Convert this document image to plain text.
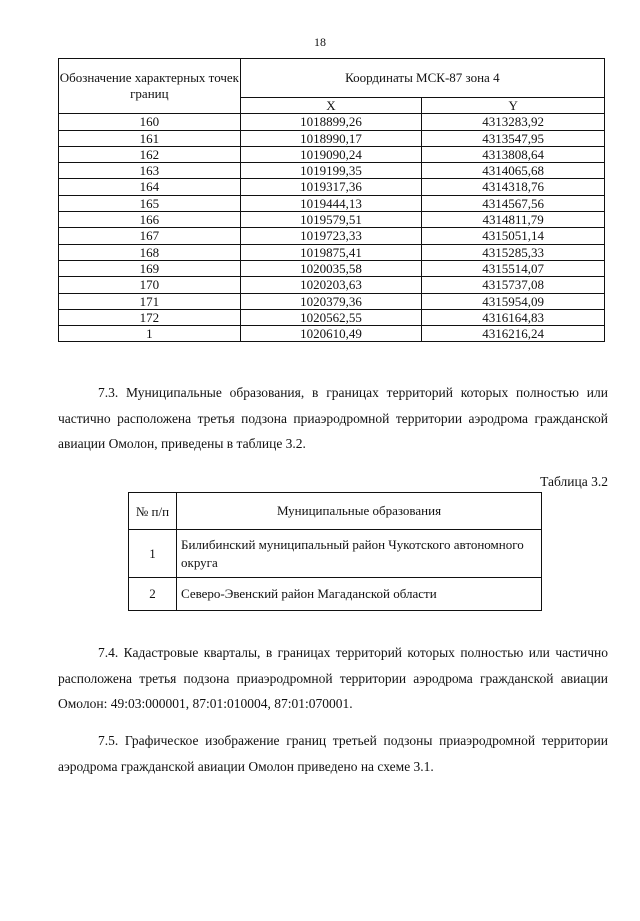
18
Обозначение характерных точек границ	Координаты МСК-87 зона 4	
	X	Y
160	1018899,26	4313283,92
161	1018990,17	4313547,95
162	1019090,24	4313808,64
163	1019199,35	4314065,68
164	1019317,36	4314318,76
165	1019444,13	4314567,56
166	1019579,51	4314811,79
167	1019723,33	4315051,14
168	1019875,41	4315285,33
169	1020035,58	4315514,07
170	1020203,63	4315737,08
171	1020379,36	4315954,09
172	1020562,55	4316164,83
1	1020610,49	4316216,24

7.3. Муниципальные образования, в границах территорий которых полностью или частично расположена третья подзона приаэродромной территории аэродрома гражданской авиации Омолон, приведены в таблице 3.2.

Таблица 3.2
№ п/п	Муниципальные образования
1	Билибинский муниципальный район Чукотского автономного округа
2	Северо-Эвенский район Магаданской области

7.4. Кадастровые кварталы, в границах территорий которых полностью или частично расположена третья подзона приаэродромной территории аэродрома гражданской авиации Омолон: 49:03:000001, 87:01:010004, 87:01:070001.

7.5. Графическое изображение границ третьей подзоны приаэродромной территории аэродрома гражданской авиации Омолон приведено на схеме 3.1.
